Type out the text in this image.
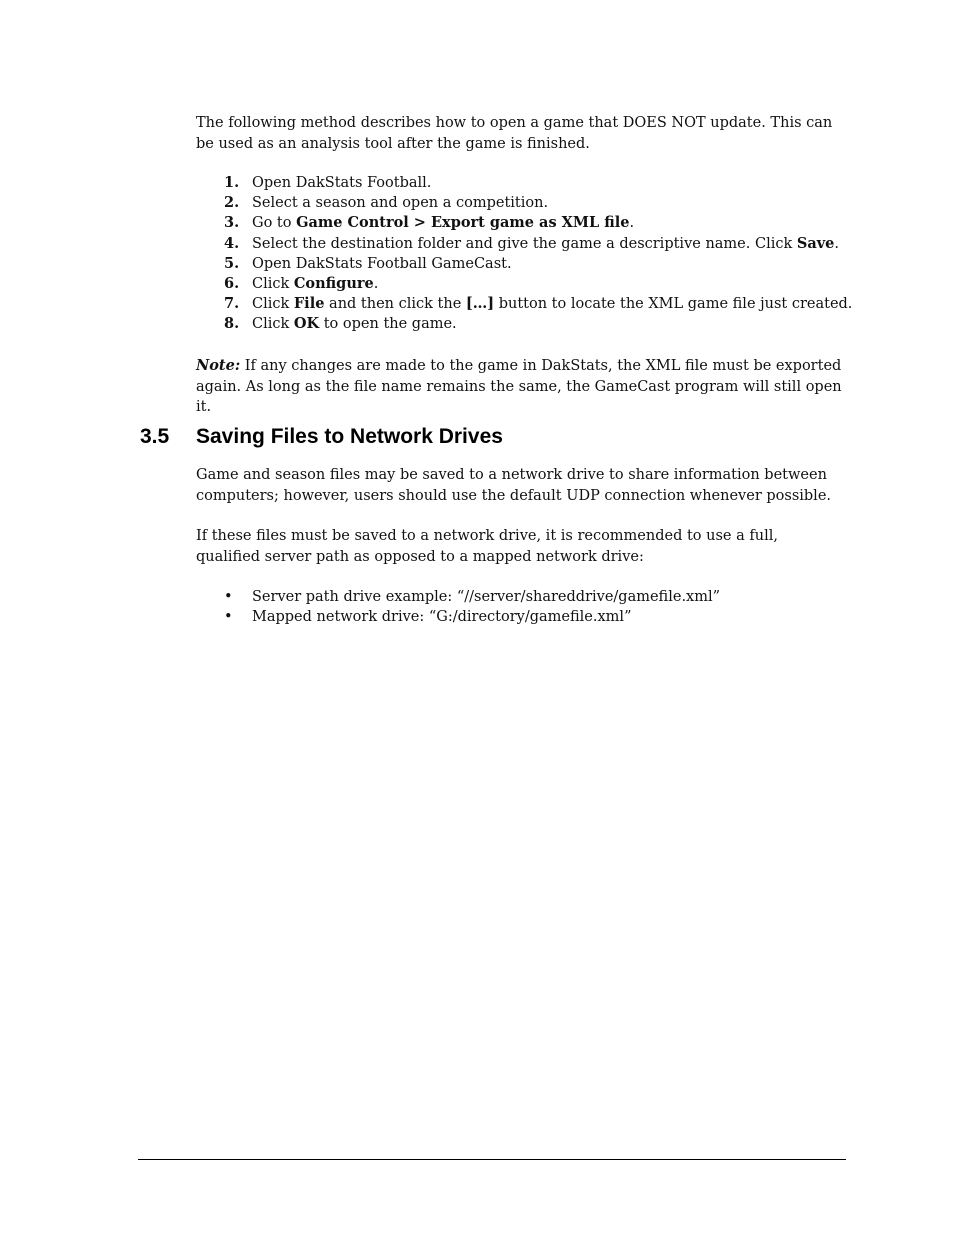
The following method describes how to open a game that DOES NOT update. This can be used as an analysis tool after the game is finished.

1. Open DakStats Football.
2. Select a season and open a competition.
3. Go to Game Control > Export game as XML file.
4. Select the destination folder and give the game a descriptive name. Click Save.
5. Open DakStats Football GameCast.
6. Click Configure.
7. Click File and then click the […] button to locate the XML game file just created.
8. Click OK to open the game.

Note: If any changes are made to the game in DakStats, the XML file must be exported again. As long as the file name remains the same, the GameCast program will still open it.

3.5 Saving Files to Network Drives

Game and season files may be saved to a network drive to share information between computers; however, users should use the default UDP connection whenever possible.

If these files must be saved to a network drive, it is recommended to use a full, qualified server path as opposed to a mapped network drive:

• Server path drive example: “//server/shareddrive/gamefile.xml”
• Mapped network drive: “G:/directory/gamefile.xml”
